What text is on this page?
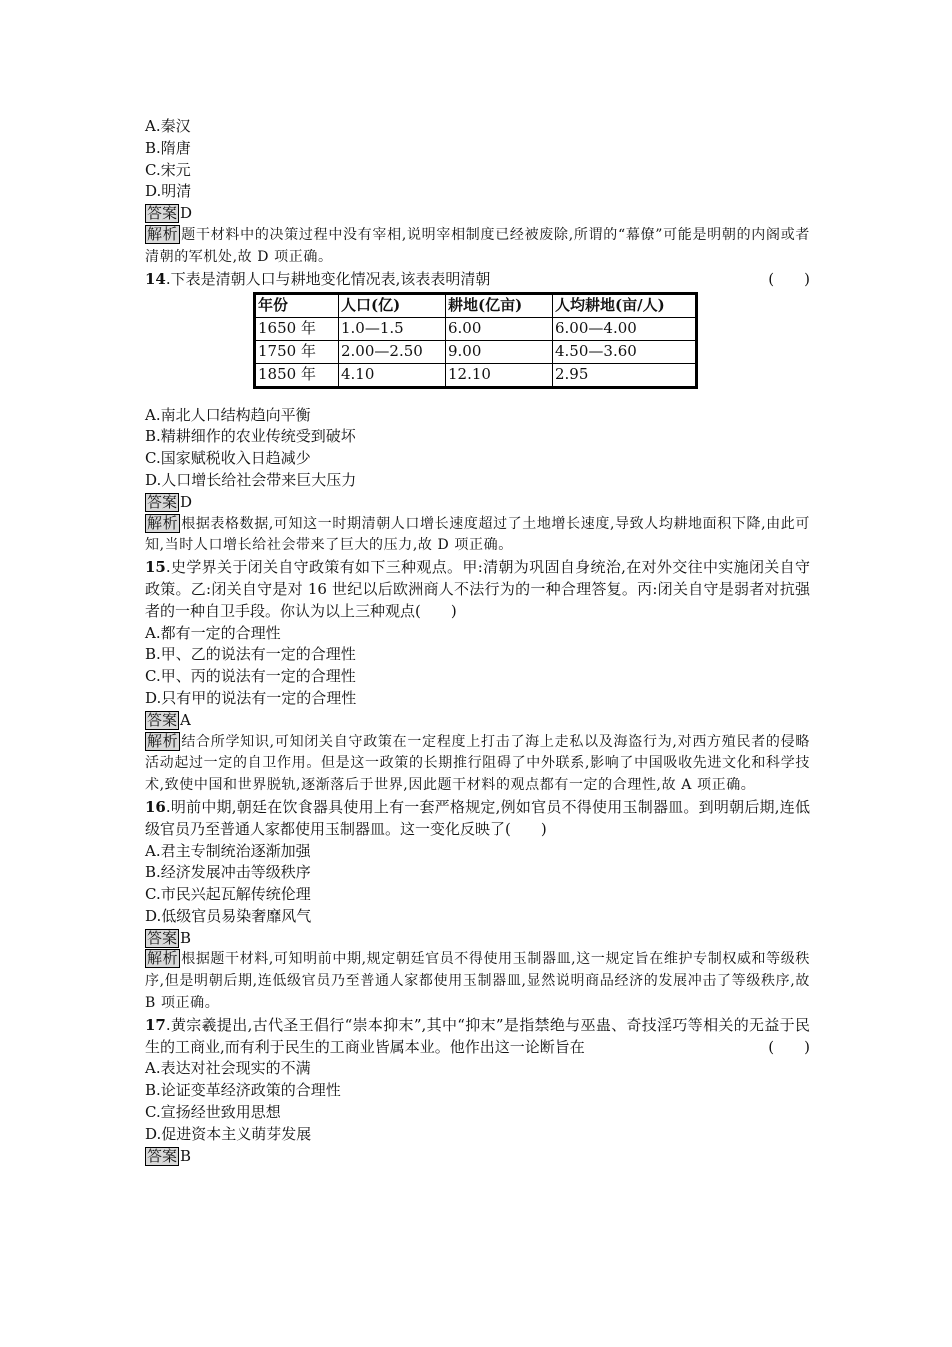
A.秦汉
B.隋唐
C.宋元
D.明清
答案 D
解析 题干材料中的决策过程中没有宰相,说明宰相制度已经被废除,所谓的“幕僚”可能是明朝的内阁或者清朝的军机处,故 D 项正确。
14.下表是清朝人口与耕地变化情况表,该表表明清朝	(　　)
年份	人口(亿)	耕地(亿亩)	人均耕地(亩/人)
1650 年	1.0—1.5	6.00	6.00—4.00
1750 年	2.00—2.50	9.00	4.50—3.60
1850 年	4.10	12.10	2.95
A.南北人口结构趋向平衡
B.精耕细作的农业传统受到破坏
C.国家赋税收入日趋减少
D.人口增长给社会带来巨大压力
答案 D
解析 根据表格数据,可知这一时期清朝人口增长速度超过了土地增长速度,导致人均耕地面积下降,由此可知,当时人口增长给社会带来了巨大的压力,故 D 项正确。
15.史学界关于闭关自守政策有如下三种观点。甲:清朝为巩固自身统治,在对外交往中实施闭关自守政策。乙:闭关自守是对 16 世纪以后欧洲商人不法行为的一种合理答复。丙:闭关自守是弱者对抗强者的一种自卫手段。你认为以上三种观点(　　)
A.都有一定的合理性
B.甲、乙的说法有一定的合理性
C.甲、丙的说法有一定的合理性
D.只有甲的说法有一定的合理性
答案 A
解析 结合所学知识,可知闭关自守政策在一定程度上打击了海上走私以及海盗行为,对西方殖民者的侵略活动起过一定的自卫作用。但是这一政策的长期推行阻碍了中外联系,影响了中国吸收先进文化和科学技术,致使中国和世界脱轨,逐渐落后于世界,因此题干材料的观点都有一定的合理性,故 A 项正确。
16.明前中期,朝廷在饮食器具使用上有一套严格规定,例如官员不得使用玉制器皿。到明朝后期,连低级官员乃至普通人家都使用玉制器皿。这一变化反映了(　　)
A.君主专制统治逐渐加强
B.经济发展冲击等级秩序
C.市民兴起瓦解传统伦理
D.低级官员易染奢靡风气
答案 B
解析 根据题干材料,可知明前中期,规定朝廷官员不得使用玉制器皿,这一规定旨在维护专制权威和等级秩序,但是明朝后期,连低级官员乃至普通人家都使用玉制器皿,显然说明商品经济的发展冲击了等级秩序,故 B 项正确。
17.黄宗羲提出,古代圣王倡行“崇本抑末”,其中“抑末”是指禁绝与巫蛊、奇技淫巧等相关的无益于民生的工商业,而有利于民生的工商业皆属本业。他作出这一论断旨在	(　　)
A.表达对社会现实的不满
B.论证变革经济政策的合理性
C.宣扬经世致用思想
D.促进资本主义萌芽发展
答案 B
